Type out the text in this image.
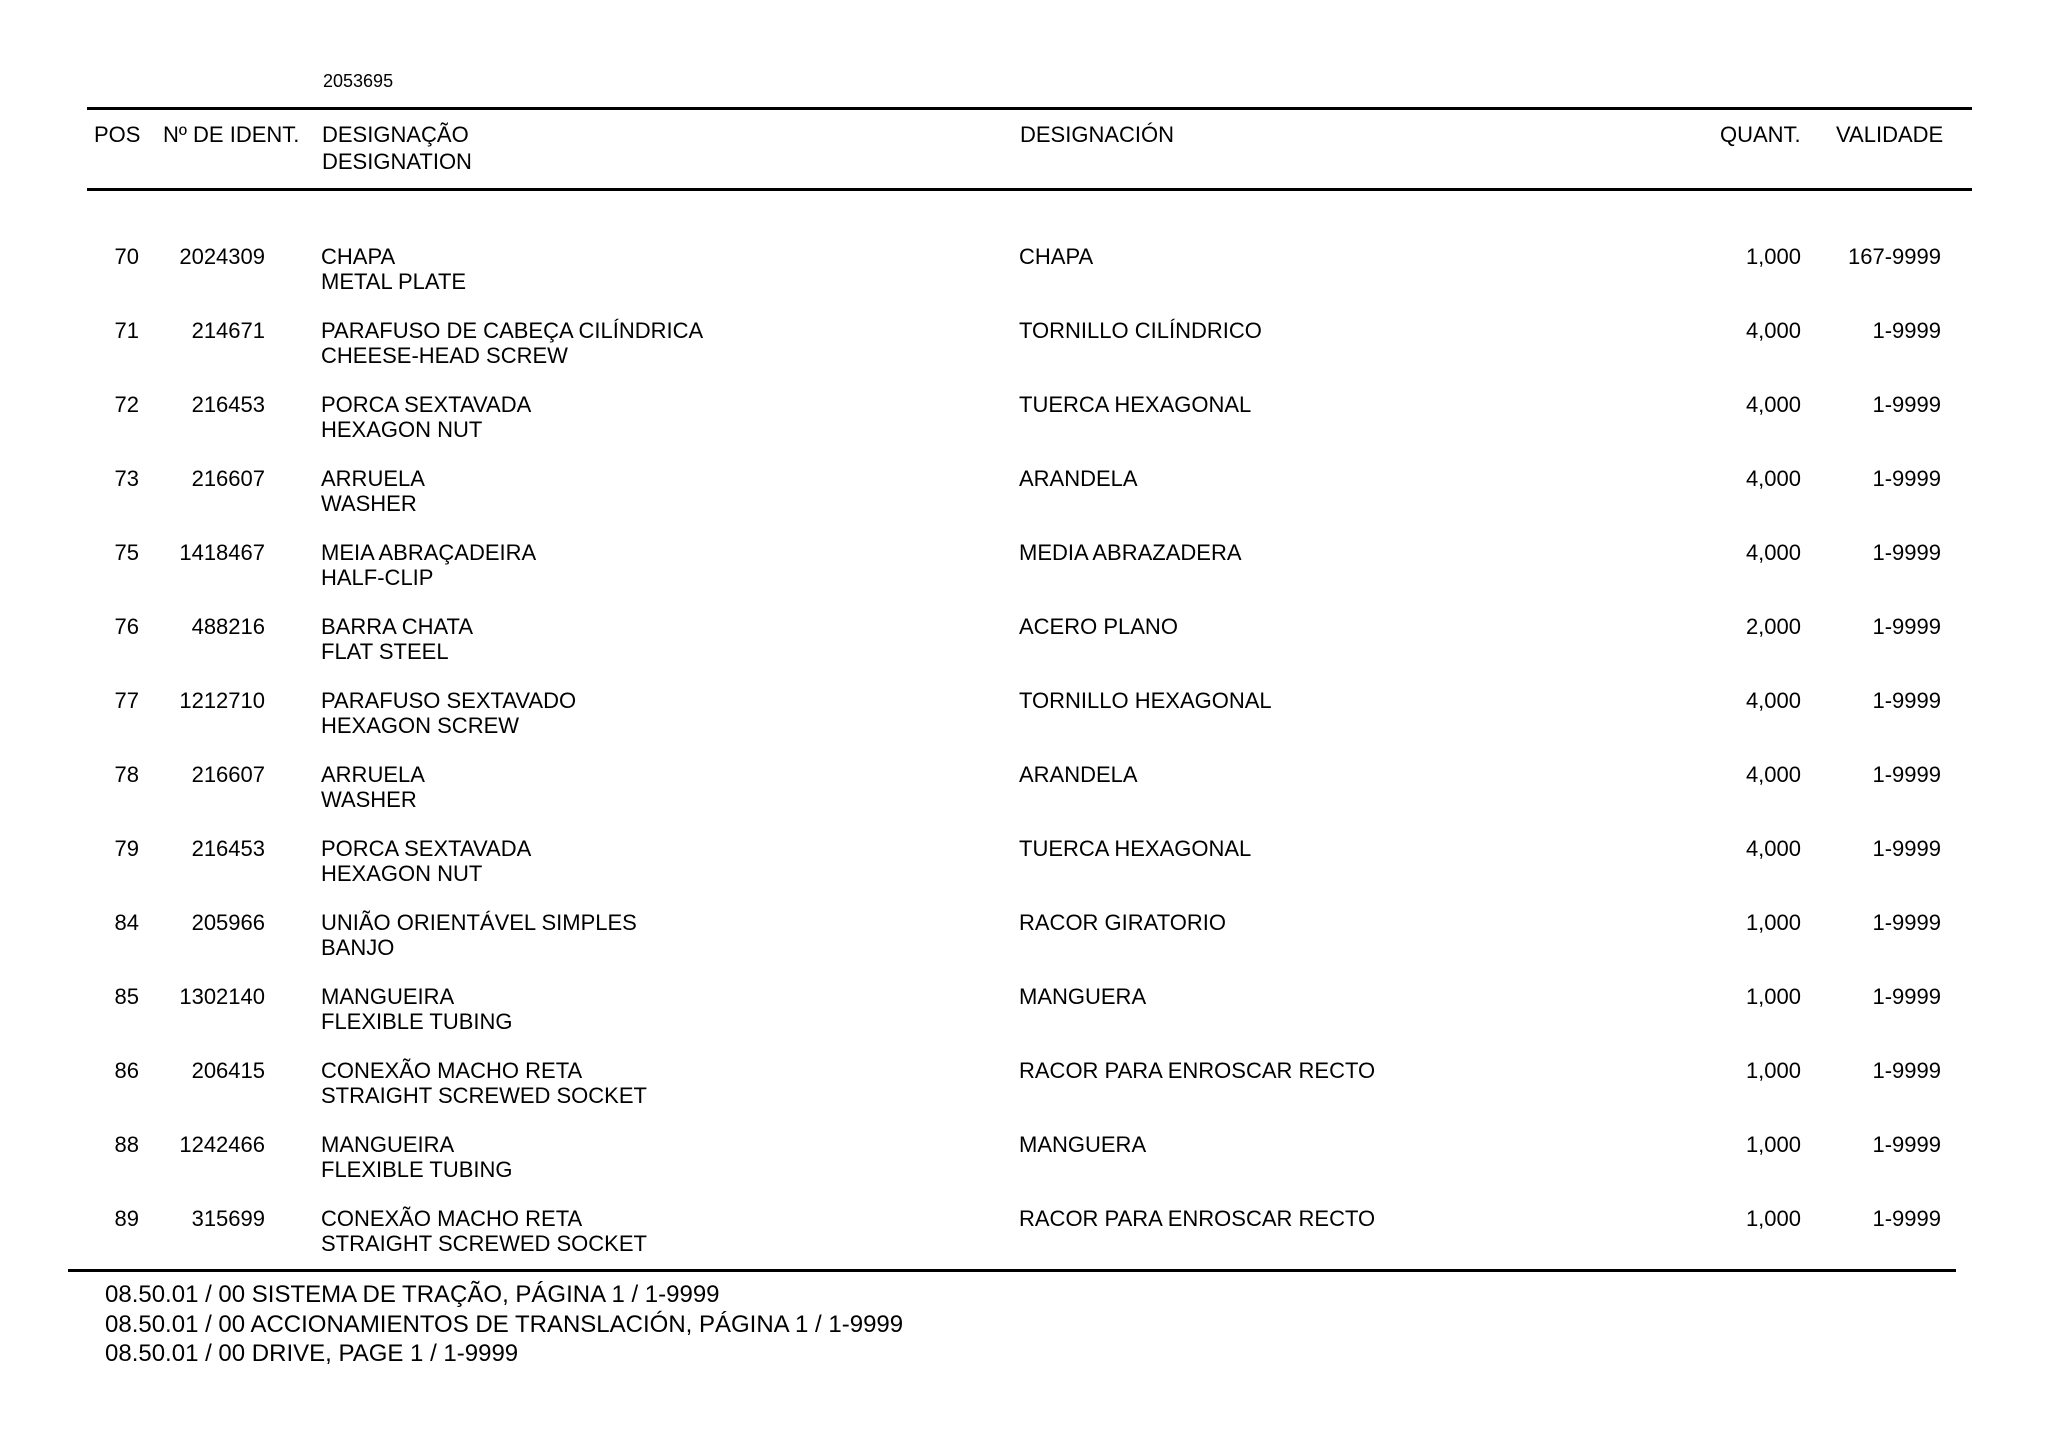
2053695
POS Nº DE IDENT. DESIGNAÇÃO
DESIGNATION
DESIGNACIÓN	QUANT. VALIDADE
70 2024309	CHAPA
METAL PLATE
CHAPA	1,000 167-9999
71 214671	PARAFUSO DE CABEÇA CILÍNDRICA
CHEESE-HEAD SCREW
TORNILLO CILÍNDRICO	4,000	1-9999
72 216453	PORCA SEXTAVADA
HEXAGON NUT
TUERCA HEXAGONAL	4,000	1-9999
73 216607	ARRUELA
WASHER
ARANDELA	4,000	1-9999
75 1418467	MEIA ABRAÇADEIRA
HALF-CLIP
MEDIA ABRAZADERA	4,000	1-9999
76 488216	BARRA CHATA
FLAT STEEL
ACERO PLANO	2,000	1-9999
77 1212710	PARAFUSO SEXTAVADO
HEXAGON SCREW
TORNILLO HEXAGONAL	4,000	1-9999
78 216607	ARRUELA
WASHER
ARANDELA	4,000	1-9999
79 216453	PORCA SEXTAVADA
HEXAGON NUT
TUERCA HEXAGONAL	4,000	1-9999
84 205966	UNIÃO ORIENTÁVEL SIMPLES
BANJO
RACOR GIRATORIO	1,000	1-9999
85 1302140	MANGUEIRA
FLEXIBLE TUBING
MANGUERA	1,000	1-9999
86 206415	CONEXÃO MACHO RETA
STRAIGHT SCREWED SOCKET
RACOR PARA ENROSCAR RECTO	1,000	1-9999
88 1242466	MANGUEIRA
FLEXIBLE TUBING
MANGUERA	1,000	1-9999
89 315699	CONEXÃO MACHO RETA
STRAIGHT SCREWED SOCKET
RACOR PARA ENROSCAR RECTO	1,000	1-9999
08.50.01 / 00 SISTEMA DE TRAÇÃO, PÁGINA 1 / 1-9999
08.50.01 / 00 ACCIONAMIENTOS DE TRANSLACIÓN, PÁGINA 1 / 1-9999
08.50.01 / 00 DRIVE, PAGE 1 / 1-9999
